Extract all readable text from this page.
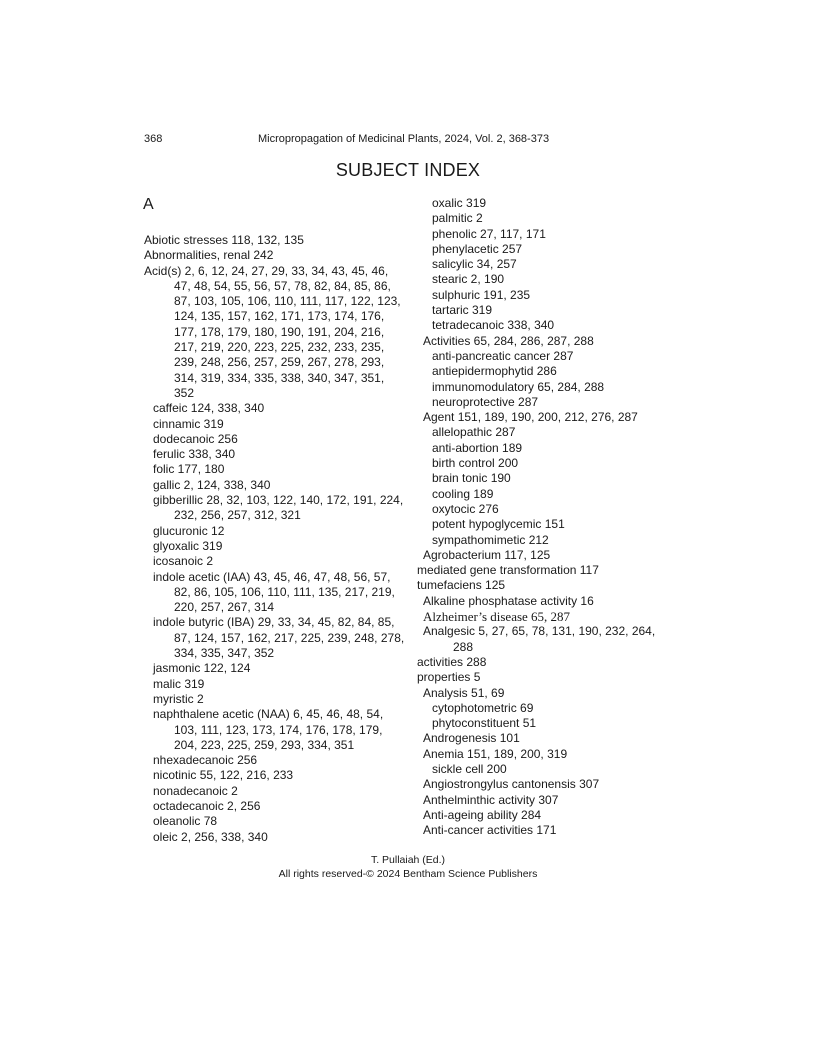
368	Micropropagation of Medicinal Plants, 2024, Vol. 2, 368-373
SUBJECT INDEX
A

Abiotic stresses 118, 132, 135

Abnormalities, renal 242

Acid(s) 2, 6, 12, 24, 27, 29, 33, 34, 43, 45, 46, 47, 48, 54, 55, 56, 57, 78, 82, 84, 85, 86, 87, 103, 105, 106, 110, 111, 117, 122, 123, 124, 135, 157, 162, 171, 173, 174, 176, 177, 178, 179, 180, 190, 191, 204, 216, 217, 219, 220, 223, 225, 232, 233, 235, 239, 248, 256, 257, 259, 267, 278, 293, 314, 319, 334, 335, 338, 340, 347, 351, 352

caffeic 124, 338, 340

cinnamic 319

dodecanoic 256

ferulic 338, 340

folic 177, 180

gallic 2, 124, 338, 340

gibberillic 28, 32, 103, 122, 140, 172, 191, 224, 232, 256, 257, 312, 321

glucuronic 12

glyoxalic 319

icosanoic 2

indole acetic (IAA) 43, 45, 46, 47, 48, 56, 57, 82, 86, 105, 106, 110, 111, 135, 217, 219, 220, 257, 267, 314

indole butyric (IBA) 29, 33, 34, 45, 82, 84, 85, 87, 124, 157, 162, 217, 225, 239, 248, 278, 334, 335, 347, 352

jasmonic 122, 124

malic 319

myristic 2

naphthalene acetic (NAA) 6, 45, 46, 48, 54, 103, 111, 123, 173, 174, 176, 178, 179, 204, 223, 225, 259, 293, 334, 351

nhexadecanoic 256

nicotinic 55, 122, 216, 233

nonadecanoic 2

octadecanoic 2, 256

oleanolic 78

oleic 2, 256, 338, 340

oxalic 319

palmitic 2

phenolic 27, 117, 171

phenylacetic 257

salicylic 34, 257

stearic 2, 190

sulphuric 191, 235

tartaric 319

tetradecanoic 338, 340

Activities 65, 284, 286, 287, 288

anti-pancreatic cancer 287

antiepidermophytid 286

immunomodulatory 65, 284, 288

neuroprotective 287

Agent 151, 189, 190, 200, 212, 276, 287

allelopathic 287

anti-abortion 189

birth control 200

brain tonic 190

cooling 189

oxytocic 276

potent hypoglycemic 151

sympathomimetic 212

Agrobacterium 117, 125

mediated gene transformation 117

tumefaciens 125

Alkaline phosphatase activity 16

Alzheimer’s disease 65, 287

Analgesic 5, 27, 65, 78, 131, 190, 232, 264, 288

activities 288

properties 5

Analysis 51, 69

cytophotometric 69

phytoconstituent 51

Androgenesis 101

Anemia 151, 189, 200, 319

sickle cell 200

Angiostrongylus cantonensis 307

Anthelminthic activity 307

Anti-ageing ability 284

Anti-cancer activities 171

T. Pullaiah (Ed.)
All rights reserved-© 2024 Bentham Science Publishers
